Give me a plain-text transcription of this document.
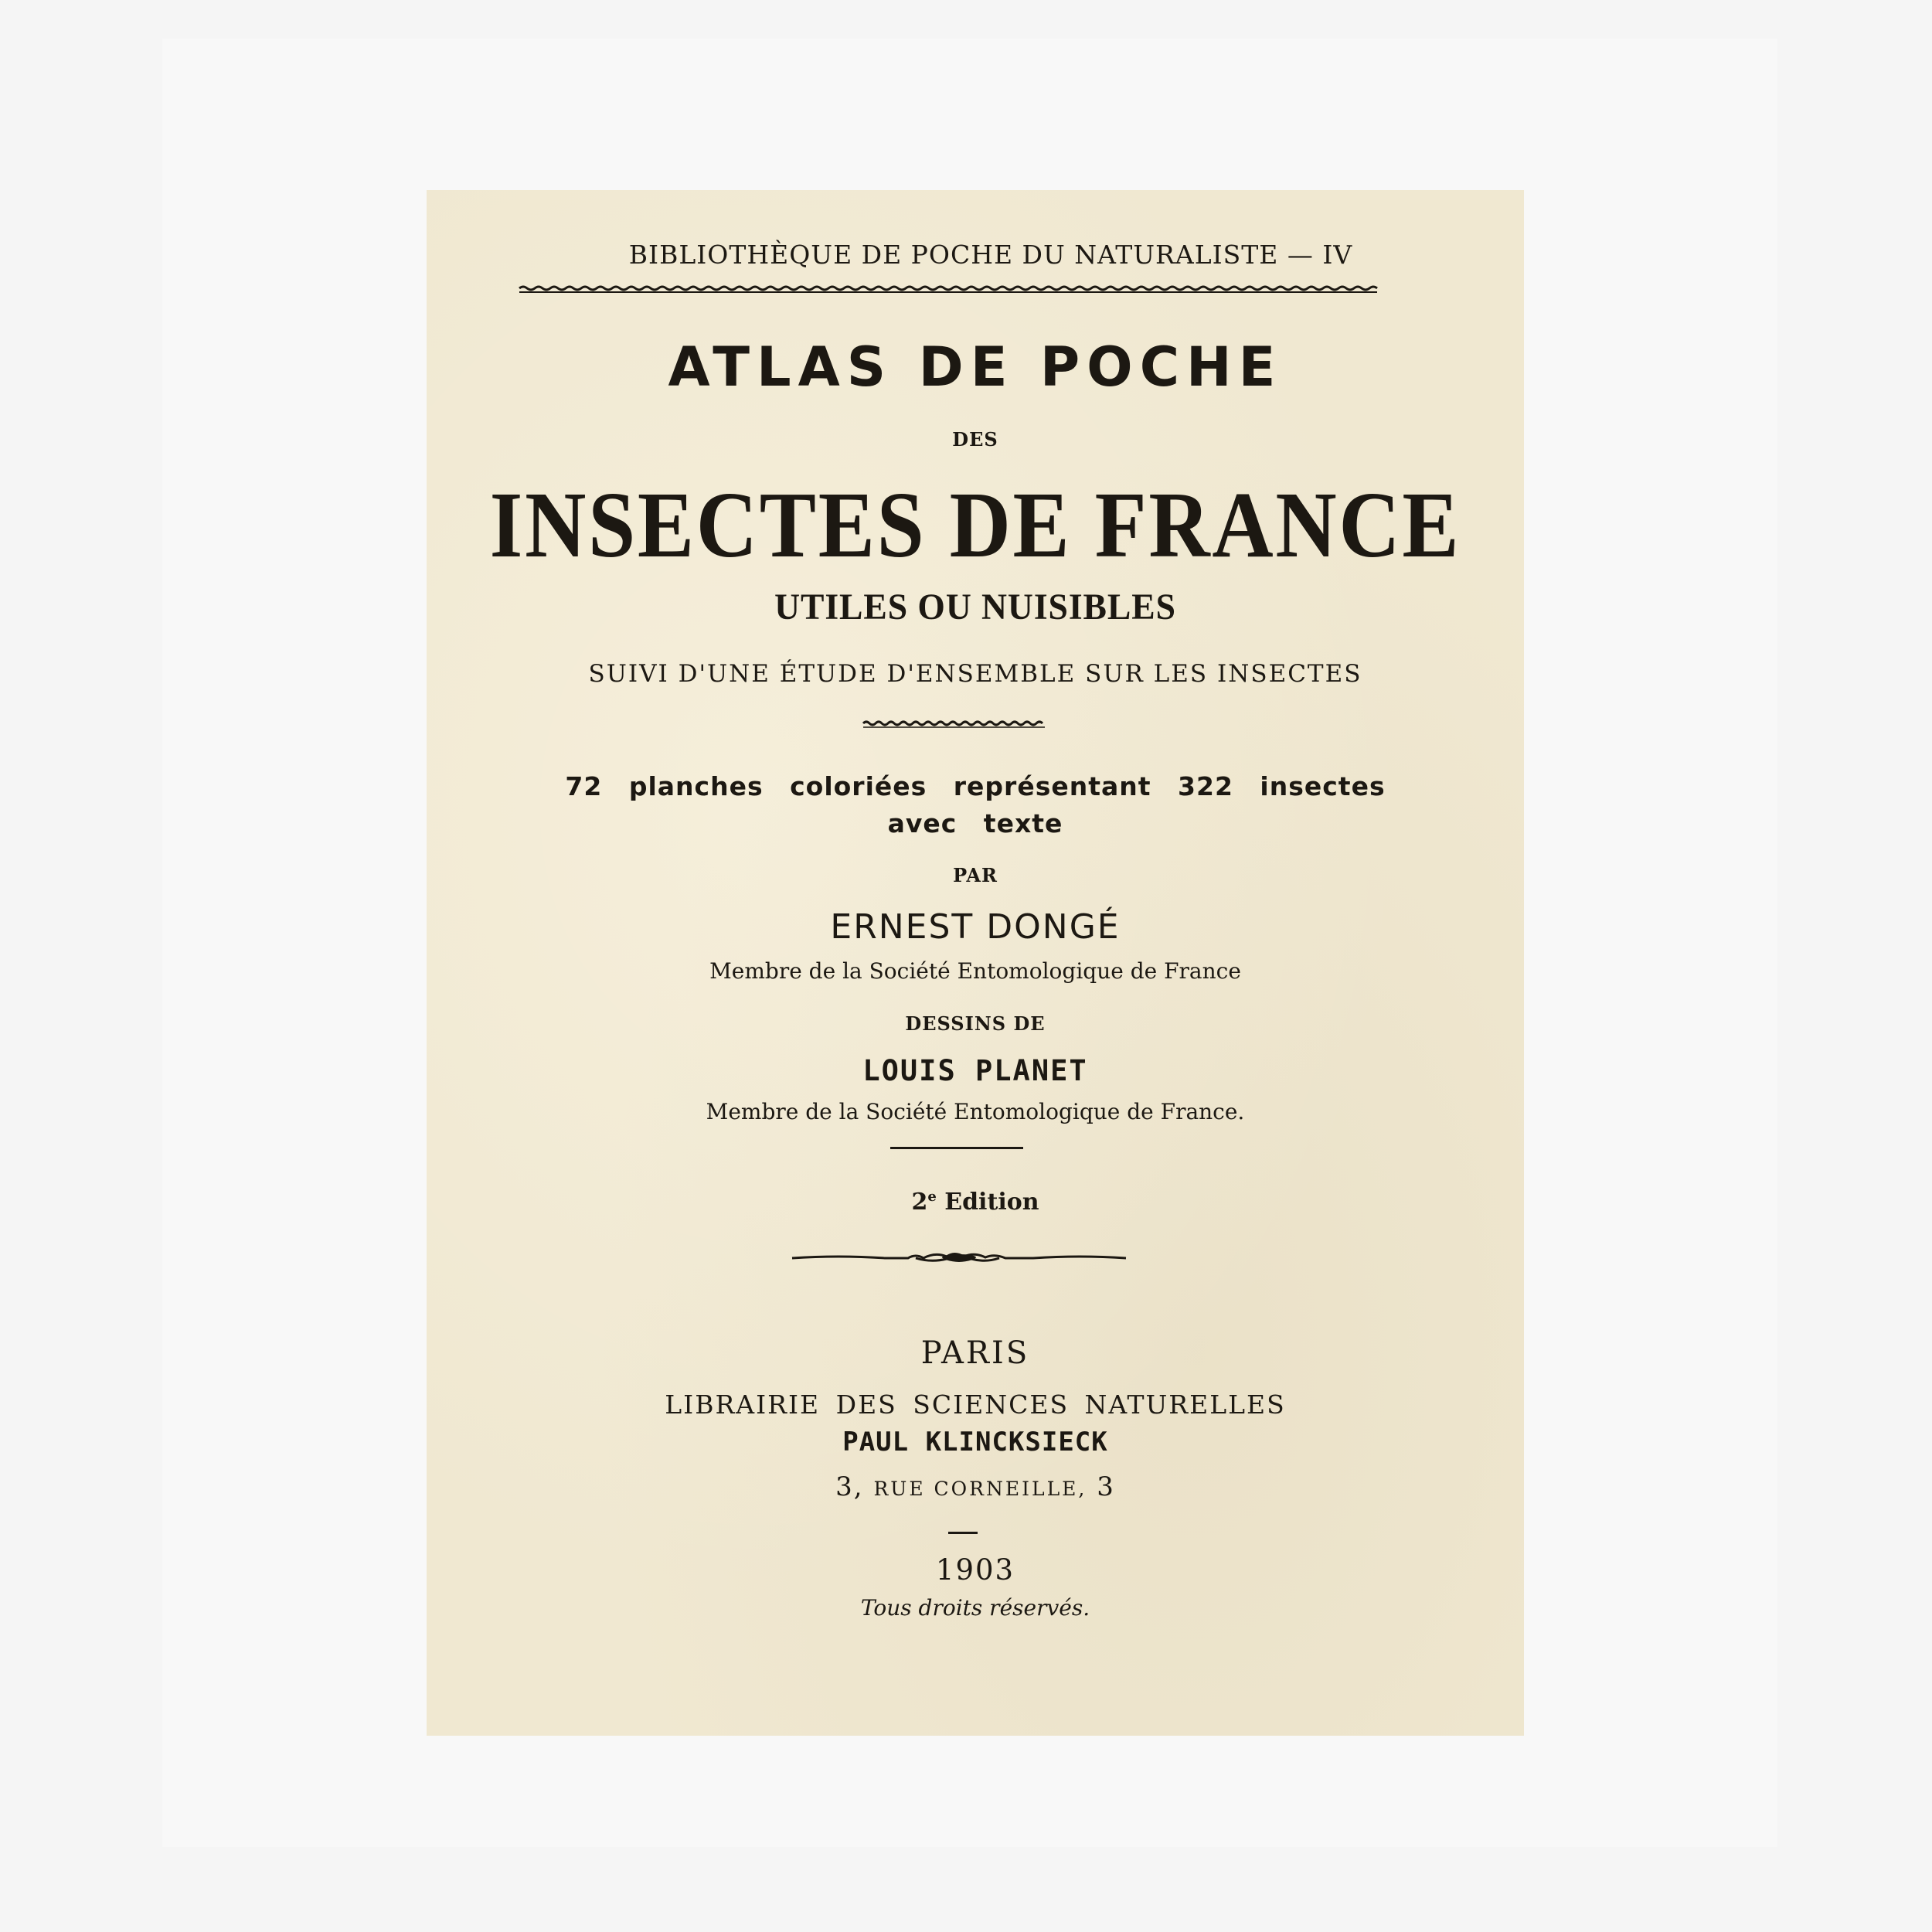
BIBLIOTHÈQUE DE POCHE DU NATURALISTE — IV

ATLAS DE POCHE

DES

INSECTES DE FRANCE

UTILES OU NUISIBLES

SUIVI D'UNE ÉTUDE D'ENSEMBLE SUR LES INSECTES

72 planches coloriées représentant 322 insectes

avec texte

PAR

ERNEST DONGÉ

Membre de la Société Entomologique de France

DESSINS DE

LOUIS PLANET

Membre de la Société Entomologique de France.

2e Edition

PARIS

LIBRAIRIE DES SCIENCES NATURELLES

PAUL KLINCKSIECK

3, RUE CORNEILLE, 3

1903

Tous droits réservés.
